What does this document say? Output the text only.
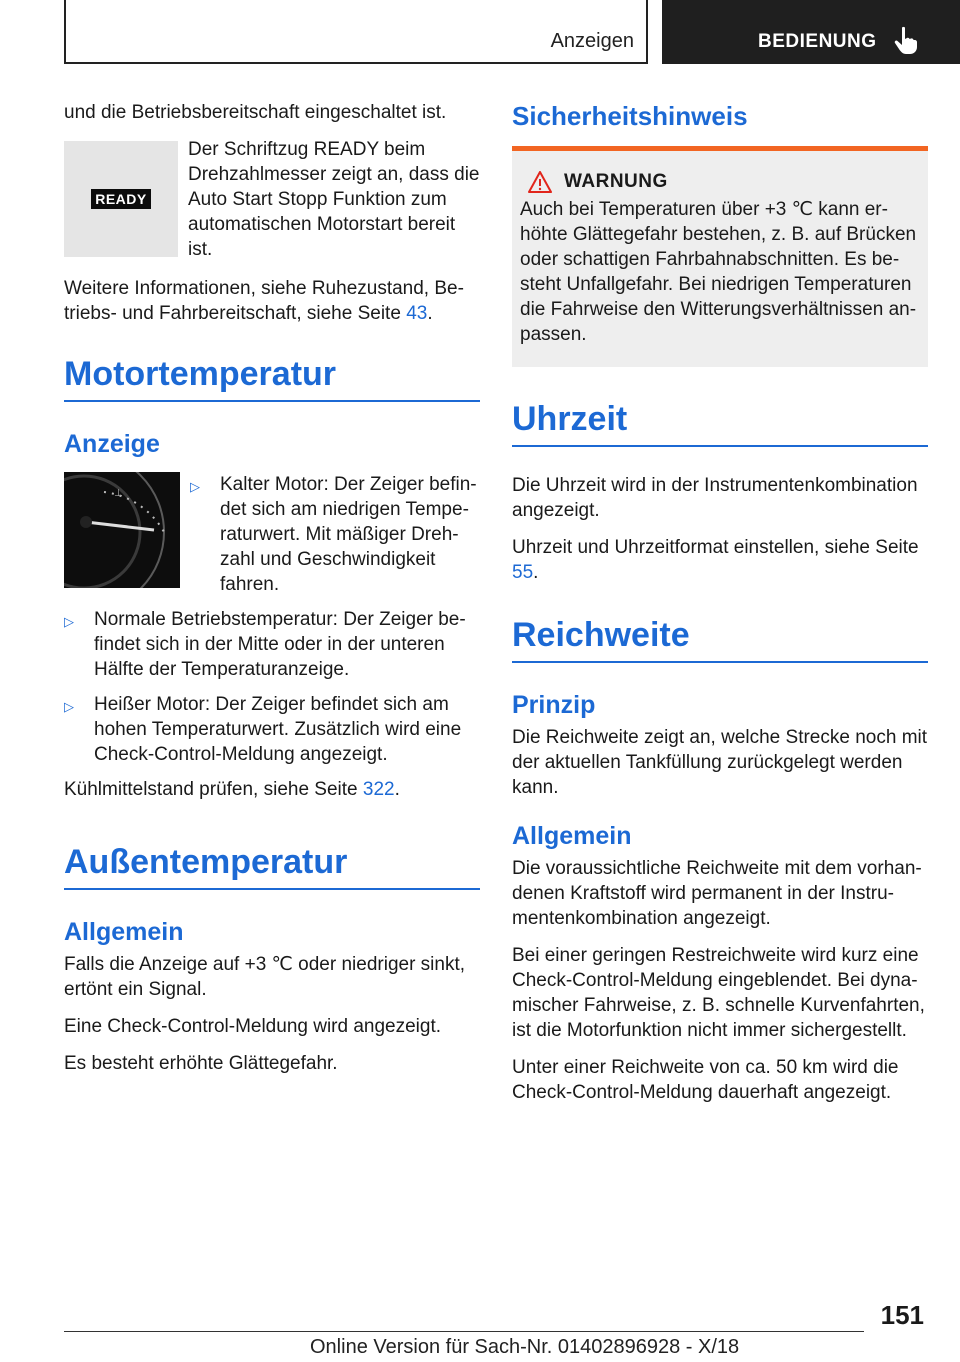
Anzeigen	BEDIENUNG

und die Betriebsbereitschaft eingeschaltet ist.

READY

Der Schriftzug READY beim Drehzahlmesser zeigt an, dass die Auto Start Stopp Funktion zum automatischen Motorstart bereit ist.

Weitere Informationen, siehe Ruhezustand, Betriebs- und Fahrbereitschaft, siehe Seite 43.

Motortemperatur
Anzeige
⊥	▷	Kalter Motor: Der Zeiger befindet sich am niedrigen Temperaturwert. Mit mäßiger Drehzahl und Geschwindigkeit fahren.
▷	Normale Betriebstemperatur: Der Zeiger befindet sich in der Mitte oder in der unteren Hälfte der Temperaturanzeige.
▷	Heißer Motor: Der Zeiger befindet sich am hohen Temperaturwert. Zusätzlich wird eine Check-Control-Meldung angezeigt.

Kühlmittelstand prüfen, siehe Seite 322.

Außentemperatur
Allgemein

Falls die Anzeige auf +3 ℃ oder niedriger sinkt, ertönt ein Signal.

Eine Check-Control-Meldung wird angezeigt.

Es besteht erhöhte Glättegefahr.

Sicherheitshinweis
WARNUNG

Auch bei Temperaturen über +3 ℃ kann erhöhte Glättegefahr bestehen, z. B. auf Brücken oder schattigen Fahrbahnabschnitten. Es besteht Unfallgefahr. Bei niedrigen Temperaturen die Fahrweise den Witterungsverhältnissen anpassen.

Uhrzeit

Die Uhrzeit wird in der Instrumentenkombination angezeigt.

Uhrzeit und Uhrzeitformat einstellen, siehe Seite 55.

Reichweite
Prinzip

Die Reichweite zeigt an, welche Strecke noch mit der aktuellen Tankfüllung zurückgelegt werden kann.

Allgemein

Die voraussichtliche Reichweite mit dem vorhandenen Kraftstoff wird permanent in der Instrumentenkombination angezeigt.

Bei einer geringen Restreichweite wird kurz eine Check-Control-Meldung eingeblendet. Bei dynamischer Fahrweise, z. B. schnelle Kurvenfahrten, ist die Motorfunktion nicht immer sichergestellt.

Unter einer Reichweite von ca. 50 km wird die Check-Control-Meldung dauerhaft angezeigt.

151
Online Version für Sach-Nr. 01402896928 - X/18
